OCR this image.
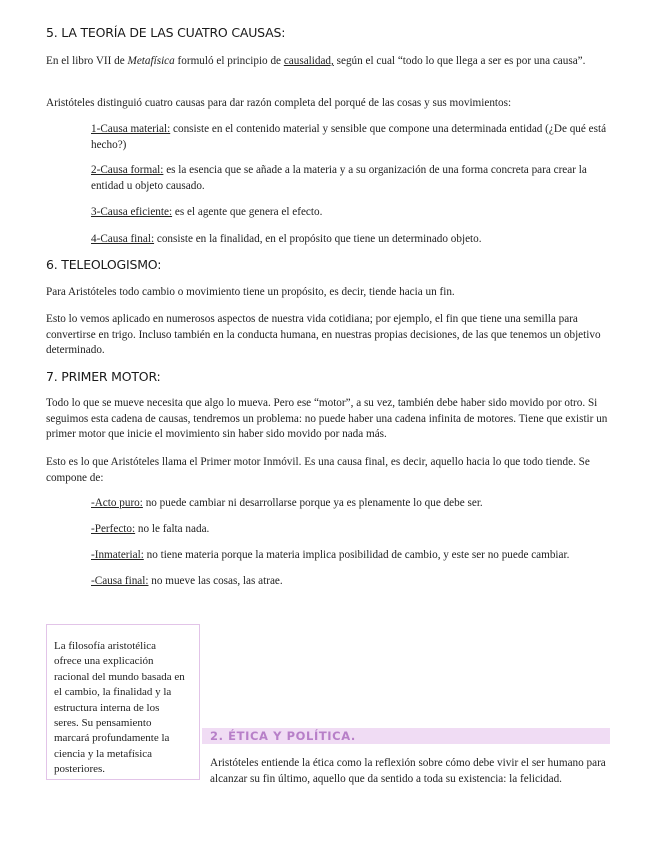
5. LA TEORÍA DE LAS CUATRO CAUSAS:

En el libro VII de Metafísica formuló el principio de causalidad, según el cual “todo lo que llega a ser es por una causa”.

Aristóteles distinguió cuatro causas para dar razón completa del porqué de las cosas y sus movimientos:

1-Causa material: consiste en el contenido material y sensible que compone una determinada entidad (¿De qué está hecho?)

2-Causa formal: es la esencia que se añade a la materia y a su organización de una forma concreta para crear la entidad u objeto causado.

3-Causa eficiente: es el agente que genera el efecto.

4-Causa final: consiste en la finalidad, en el propósito que tiene un determinado objeto.

6. TELEOLOGISMO:

Para Aristóteles todo cambio o movimiento tiene un propósito, es decir, tiende hacia un fin.

Esto lo vemos aplicado en numerosos aspectos de nuestra vida cotidiana; por ejemplo, el fin que tiene una semilla para convertirse en trigo. Incluso también en la conducta humana, en nuestras propias decisiones, de las que tenemos un objetivo determinado.

7. PRIMER MOTOR:

Todo lo que se mueve necesita que algo lo mueva. Pero ese “motor”, a su vez, también debe haber sido movido por otro. Si seguimos esta cadena de causas, tendremos un problema: no puede haber una cadena infinita de motores. Tiene que existir un primer motor que inicie el movimiento sin haber sido movido por nada más.

Esto es lo que Aristóteles llama el Primer motor Inmóvil. Es una causa final, es decir, aquello hacia lo que todo tiende. Se compone de:

-Acto puro: no puede cambiar ni desarrollarse porque ya es plenamente lo que debe ser.

-Perfecto: no le falta nada.

-Inmaterial: no tiene materia porque la materia implica posibilidad de cambio, y este ser no puede cambiar.

-Causa final: no mueve las cosas, las atrae.

La filosofía aristotélica ofrece una explicación racional del mundo basada en el cambio, la finalidad y la estructura interna de los seres. Su pensamiento marcará profundamente la ciencia y la metafísica posteriores.

2. ÉTICA Y POLÍTICA.

Aristóteles entiende la ética como la reflexión sobre cómo debe vivir el ser humano para alcanzar su fin último, aquello que da sentido a toda su existencia: la felicidad.
